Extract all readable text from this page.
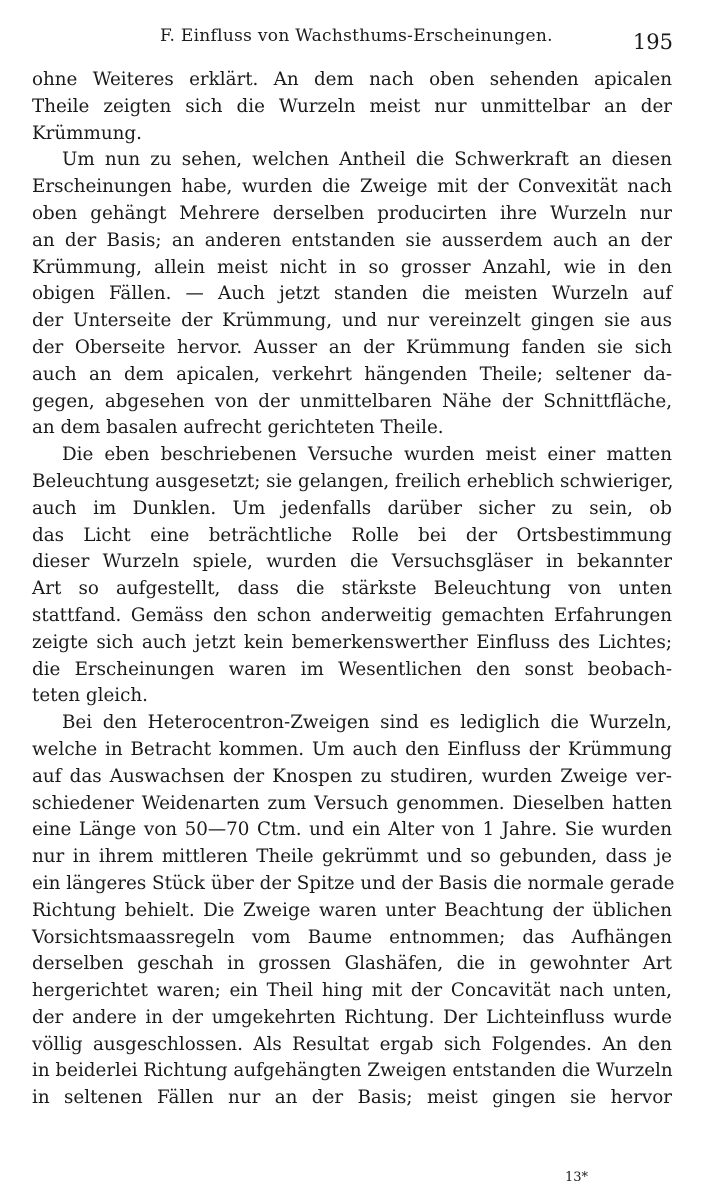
F. Einfluss von Wachsthums-Erscheinungen.	195
ohne Weiteres erklärt. An dem nach oben sehenden apicalen
Theile zeigten sich die Wurzeln meist nur unmittelbar an der
Krümmung.
Um nun zu sehen, welchen Antheil die Schwerkraft an diesen
Erscheinungen habe, wurden die Zweige mit der Convexität nach
oben gehängt Mehrere derselben producirten ihre Wurzeln nur
an der Basis; an anderen entstanden sie ausserdem auch an der
Krümmung, allein meist nicht in so grosser Anzahl, wie in den
obigen Fällen. — Auch jetzt standen die meisten Wurzeln auf
der Unterseite der Krümmung, und nur vereinzelt gingen sie aus
der Oberseite hervor. Ausser an der Krümmung fanden sie sich
auch an dem apicalen, verkehrt hängenden Theile; seltener da-
gegen, abgesehen von der unmittelbaren Nähe der Schnittfläche,
an dem basalen aufrecht gerichteten Theile.
Die eben beschriebenen Versuche wurden meist einer matten
Beleuchtung ausgesetzt; sie gelangen, freilich erheblich schwieriger,
auch im Dunklen. Um jedenfalls darüber sicher zu sein, ob
das Licht eine beträchtliche Rolle bei der Ortsbestimmung
dieser Wurzeln spiele, wurden die Versuchsgläser in bekannter
Art so aufgestellt, dass die stärkste Beleuchtung von unten
stattfand. Gemäss den schon anderweitig gemachten Erfahrungen
zeigte sich auch jetzt kein bemerkenswerther Einfluss des Lichtes;
die Erscheinungen waren im Wesentlichen den sonst beobach-
teten gleich.
Bei den Heterocentron-Zweigen sind es lediglich die Wurzeln,
welche in Betracht kommen. Um auch den Einfluss der Krümmung
auf das Auswachsen der Knospen zu studiren, wurden Zweige ver-
schiedener Weidenarten zum Versuch genommen. Dieselben hatten
eine Länge von 50—70 Ctm. und ein Alter von 1 Jahre. Sie wurden
nur in ihrem mittleren Theile gekrümmt und so gebunden, dass je
ein längeres Stück über der Spitze und der Basis die normale gerade
Richtung behielt. Die Zweige waren unter Beachtung der üblichen
Vorsichtsmaassregeln vom Baume entnommen; das Aufhängen
derselben geschah in grossen Glashäfen, die in gewohnter Art
hergerichtet waren; ein Theil hing mit der Concavität nach unten,
der andere in der umgekehrten Richtung. Der Lichteinfluss wurde
völlig ausgeschlossen. Als Resultat ergab sich Folgendes. An den
in beiderlei Richtung aufgehängten Zweigen entstanden die Wurzeln
in seltenen Fällen nur an der Basis; meist gingen sie hervor
13*
